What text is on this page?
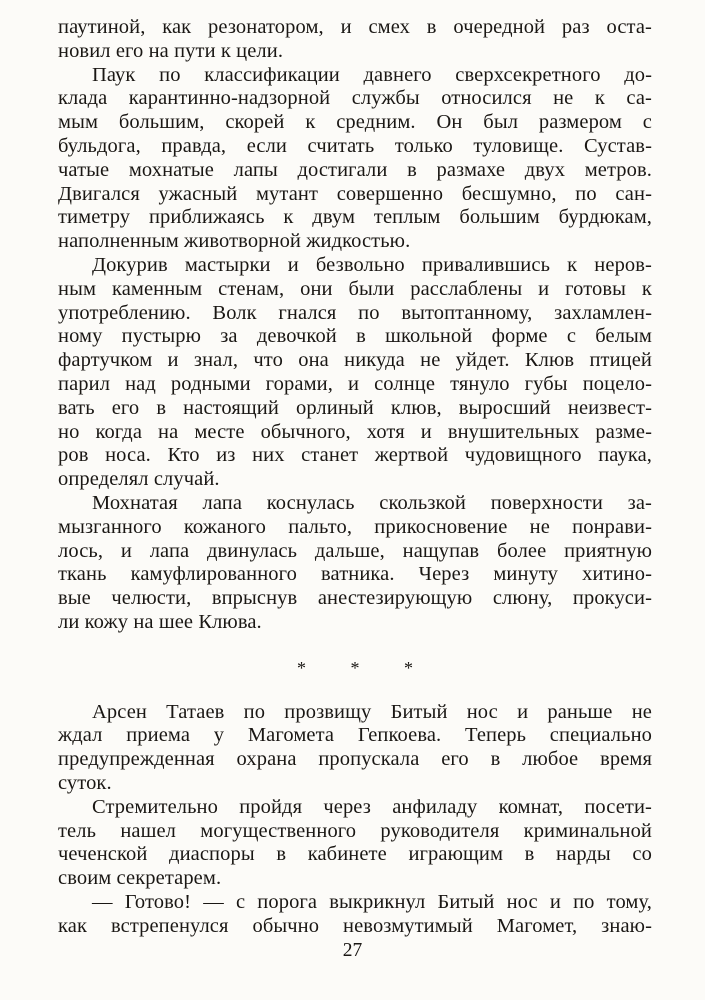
паутиной, как резонатором, и смех в очередной раз оста-
новил его на пути к цели.
Паук по классификации давнего сверхсекретного до-
клада карантинно-надзорной службы относился не к са-
мым большим, скорей к средним. Он был размером с
бульдога, правда, если считать только туловище. Сустав-
чатые мохнатые лапы достигали в размахе двух метров.
Двигался ужасный мутант совершенно бесшумно, по сан-
тиметру приближаясь к двум теплым большим бурдюкам,
наполненным животворной жидкостью.
Докурив мастырки и безвольно привалившись к неров-
ным каменным стенам, они были расслаблены и готовы к
употреблению. Волк гнался по вытоптанному, захламлен-
ному пустырю за девочкой в школьной форме с белым
фартучком и знал, что она никуда не уйдет. Клюв птицей
парил над родными горами, и солнце тянуло губы поцело-
вать его в настоящий орлиный клюв, выросший неизвест-
но когда на месте обычного, хотя и внушительных разме-
ров носа. Кто из них станет жертвой чудовищного паука,
определял случай.
Мохнатая лапа коснулась скользкой поверхности за-
мызганного кожаного пальто, прикосновение не понрави-
лось, и лапа двинулась дальше, нащупав более приятную
ткань камуфлированного ватника. Через минуту хитино-
вые челюсти, впрыснув анестезирующую слюну, прокуси-
ли кожу на шее Клюва.
* * *
Арсен Татаев по прозвищу Битый нос и раньше не
ждал приема у Магомета Гепкоева. Теперь специально
предупрежденная охрана пропускала его в любое время
суток.
Стремительно пройдя через анфиладу комнат, посети-
тель нашел могущественного руководителя криминальной
чеченской диаспоры в кабинете играющим в нарды со
своим секретарем.
— Готово! — с порога выкрикнул Битый нос и по тому,
как встрепенулся обычно невозмутимый Магомет, знаю-
27
